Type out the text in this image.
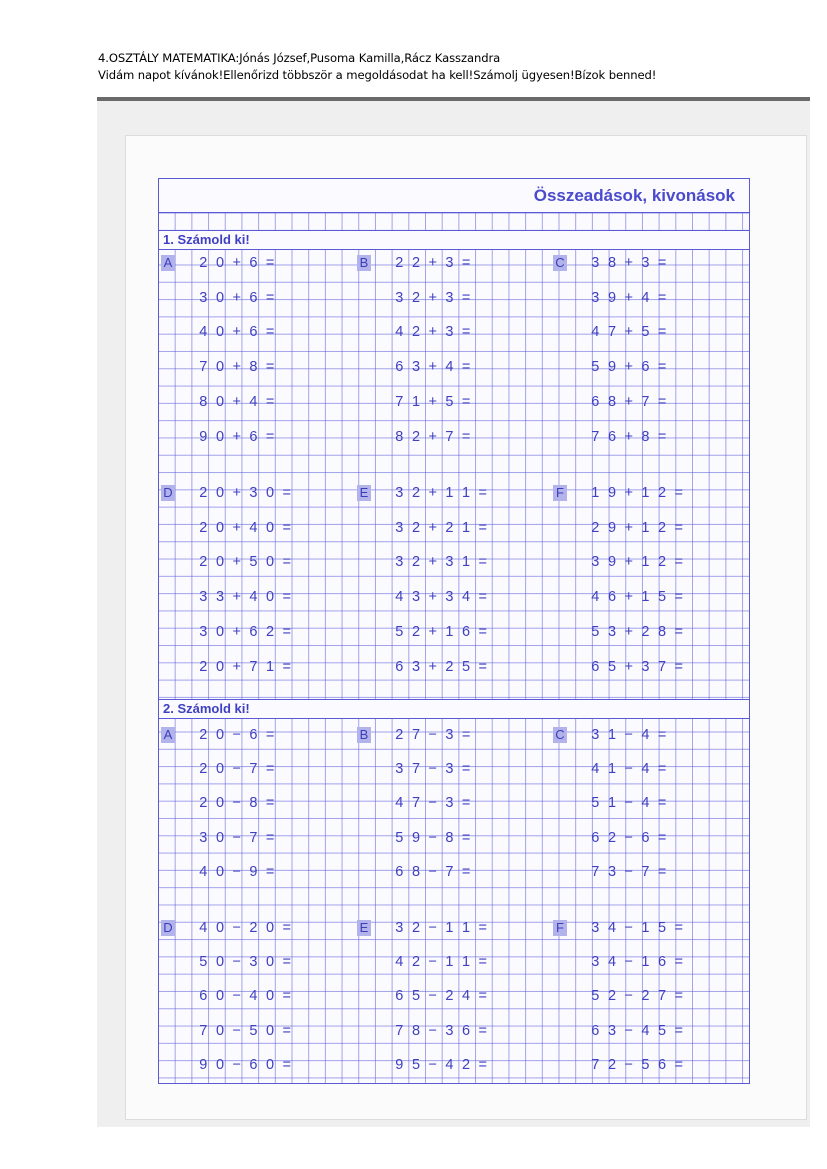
4.OSZTÁLY MATEMATIKA:Jónás József,Pusoma Kamilla,Rácz Kasszandra
Vidám napot kívánok!Ellenőrizd többször a megoldásodat ha kell!Számolj ügyesen!Bízok benned!
Összeadások, kivonások
1. Számold ki!
2. Számold ki!
A 2 0 + 6 =
3 0 + 6 =
4 0 + 6 =
7 0 + 8 =
8 0 + 4 =
9 0 + 6 =
B 2 2 + 3 =
3 2 + 3 =
4 2 + 3 =
6 3 + 4 =
7 1 + 5 =
8 2 + 7 =
C 3 8 + 3 =
3 9 + 4 =
4 7 + 5 =
5 9 + 6 =
6 8 + 7 =
7 6 + 8 =
D 2 0 + 3 0 =
2 0 + 4 0 =
2 0 + 5 0 =
3 3 + 4 0 =
3 0 + 6 2 =
2 0 + 7 1 =
E 3 2 + 1 1 =
3 2 + 2 1 =
3 2 + 3 1 =
4 3 + 3 4 =
5 2 + 1 6 =
6 3 + 2 5 =
F 1 9 + 1 2 =
2 9 + 1 2 =
3 9 + 1 2 =
4 6 + 1 5 =
5 3 + 2 8 =
6 5 + 3 7 =
A 2 0 − 6 =
2 0 − 7 =
2 0 − 8 =
3 0 − 7 =
4 0 − 9 =
B 2 7 − 3 =
3 7 − 3 =
4 7 − 3 =
5 9 − 8 =
6 8 − 7 =
C 3 1 − 4 =
4 1 − 4 =
5 1 − 4 =
6 2 − 6 =
7 3 − 7 =
D 4 0 − 2 0 =
5 0 − 3 0 =
6 0 − 4 0 =
7 0 − 5 0 =
9 0 − 6 0 =
E 3 2 − 1 1 =
4 2 − 1 1 =
6 5 − 2 4 =
7 8 − 3 6 =
9 5 − 4 2 =
F 3 4 − 1 5 =
3 4 − 1 6 =
5 2 − 2 7 =
6 3 − 4 5 =
7 2 − 5 6 =
